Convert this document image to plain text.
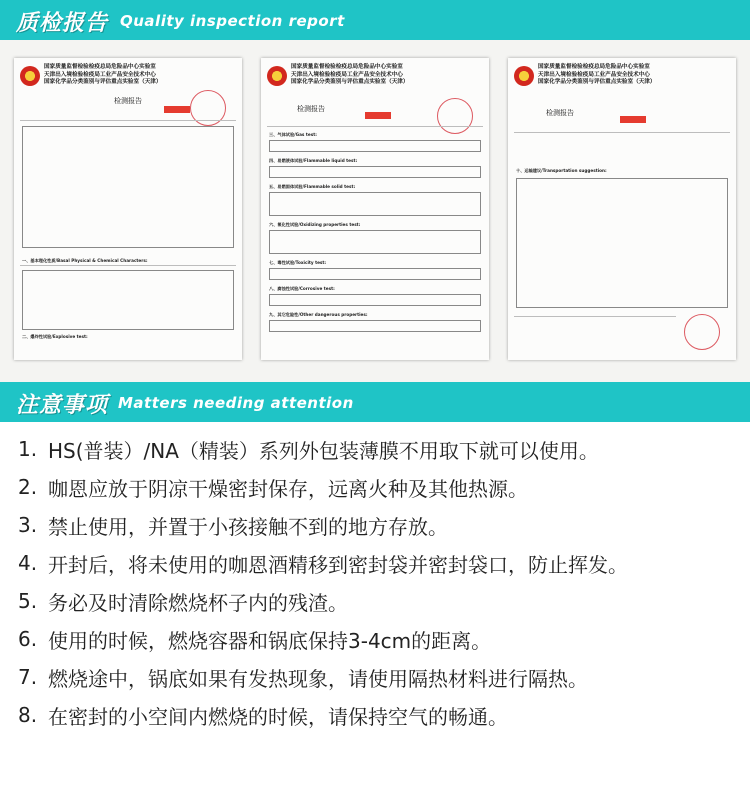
质检报告 Quality inspection report
国家质量监督检验检疫总局危险品中心实验室
天津出入境检验检疫局工业产品安全技术中心
国家化学品分类鉴别与评估重点实验室（天津）
检测报告
一、基本理化性质/Basal Physical & Chemical Characters:
二、爆炸性试验/Explosive test:
国家质量监督检验检疫总局危险品中心实验室
天津出入境检验检疫局工业产品安全技术中心
国家化学品分类鉴别与评估重点实验室（天津）
检测报告
三、气体试验/Gas test:
四、易燃液体试验/Flammable liquid test:
五、易燃固体试验/Flammable solid test:
六、氧化性试验/Oxidizing properties test:
七、毒性试验/Toxicity test:
八、腐蚀性试验/Corrosive test:
九、其它危险性/Other dangerous properties:
国家质量监督检验检疫总局危险品中心实验室
天津出入境检验检疫局工业产品安全技术中心
国家化学品分类鉴别与评估重点实验室（天津）
检测报告
十、运输建议/Transportation suggestion:
注意事项 Matters needing attention
1. HS(普装）/NA（精装）系列外包装薄膜不用取下就可以使用。
2. 咖恩应放于阴凉干燥密封保存，远离火种及其他热源。
3. 禁止使用，并置于小孩接触不到的地方存放。
4. 开封后，将未使用的咖恩酒精移到密封袋并密封袋口，防止挥发。
5. 务必及时清除燃烧杯子内的残渣。
6. 使用的时候，燃烧容器和锅底保持3-4cm的距离。
7. 燃烧途中，锅底如果有发热现象，请使用隔热材料进行隔热。
8. 在密封的小空间内燃烧的时候，请保持空气的畅通。
